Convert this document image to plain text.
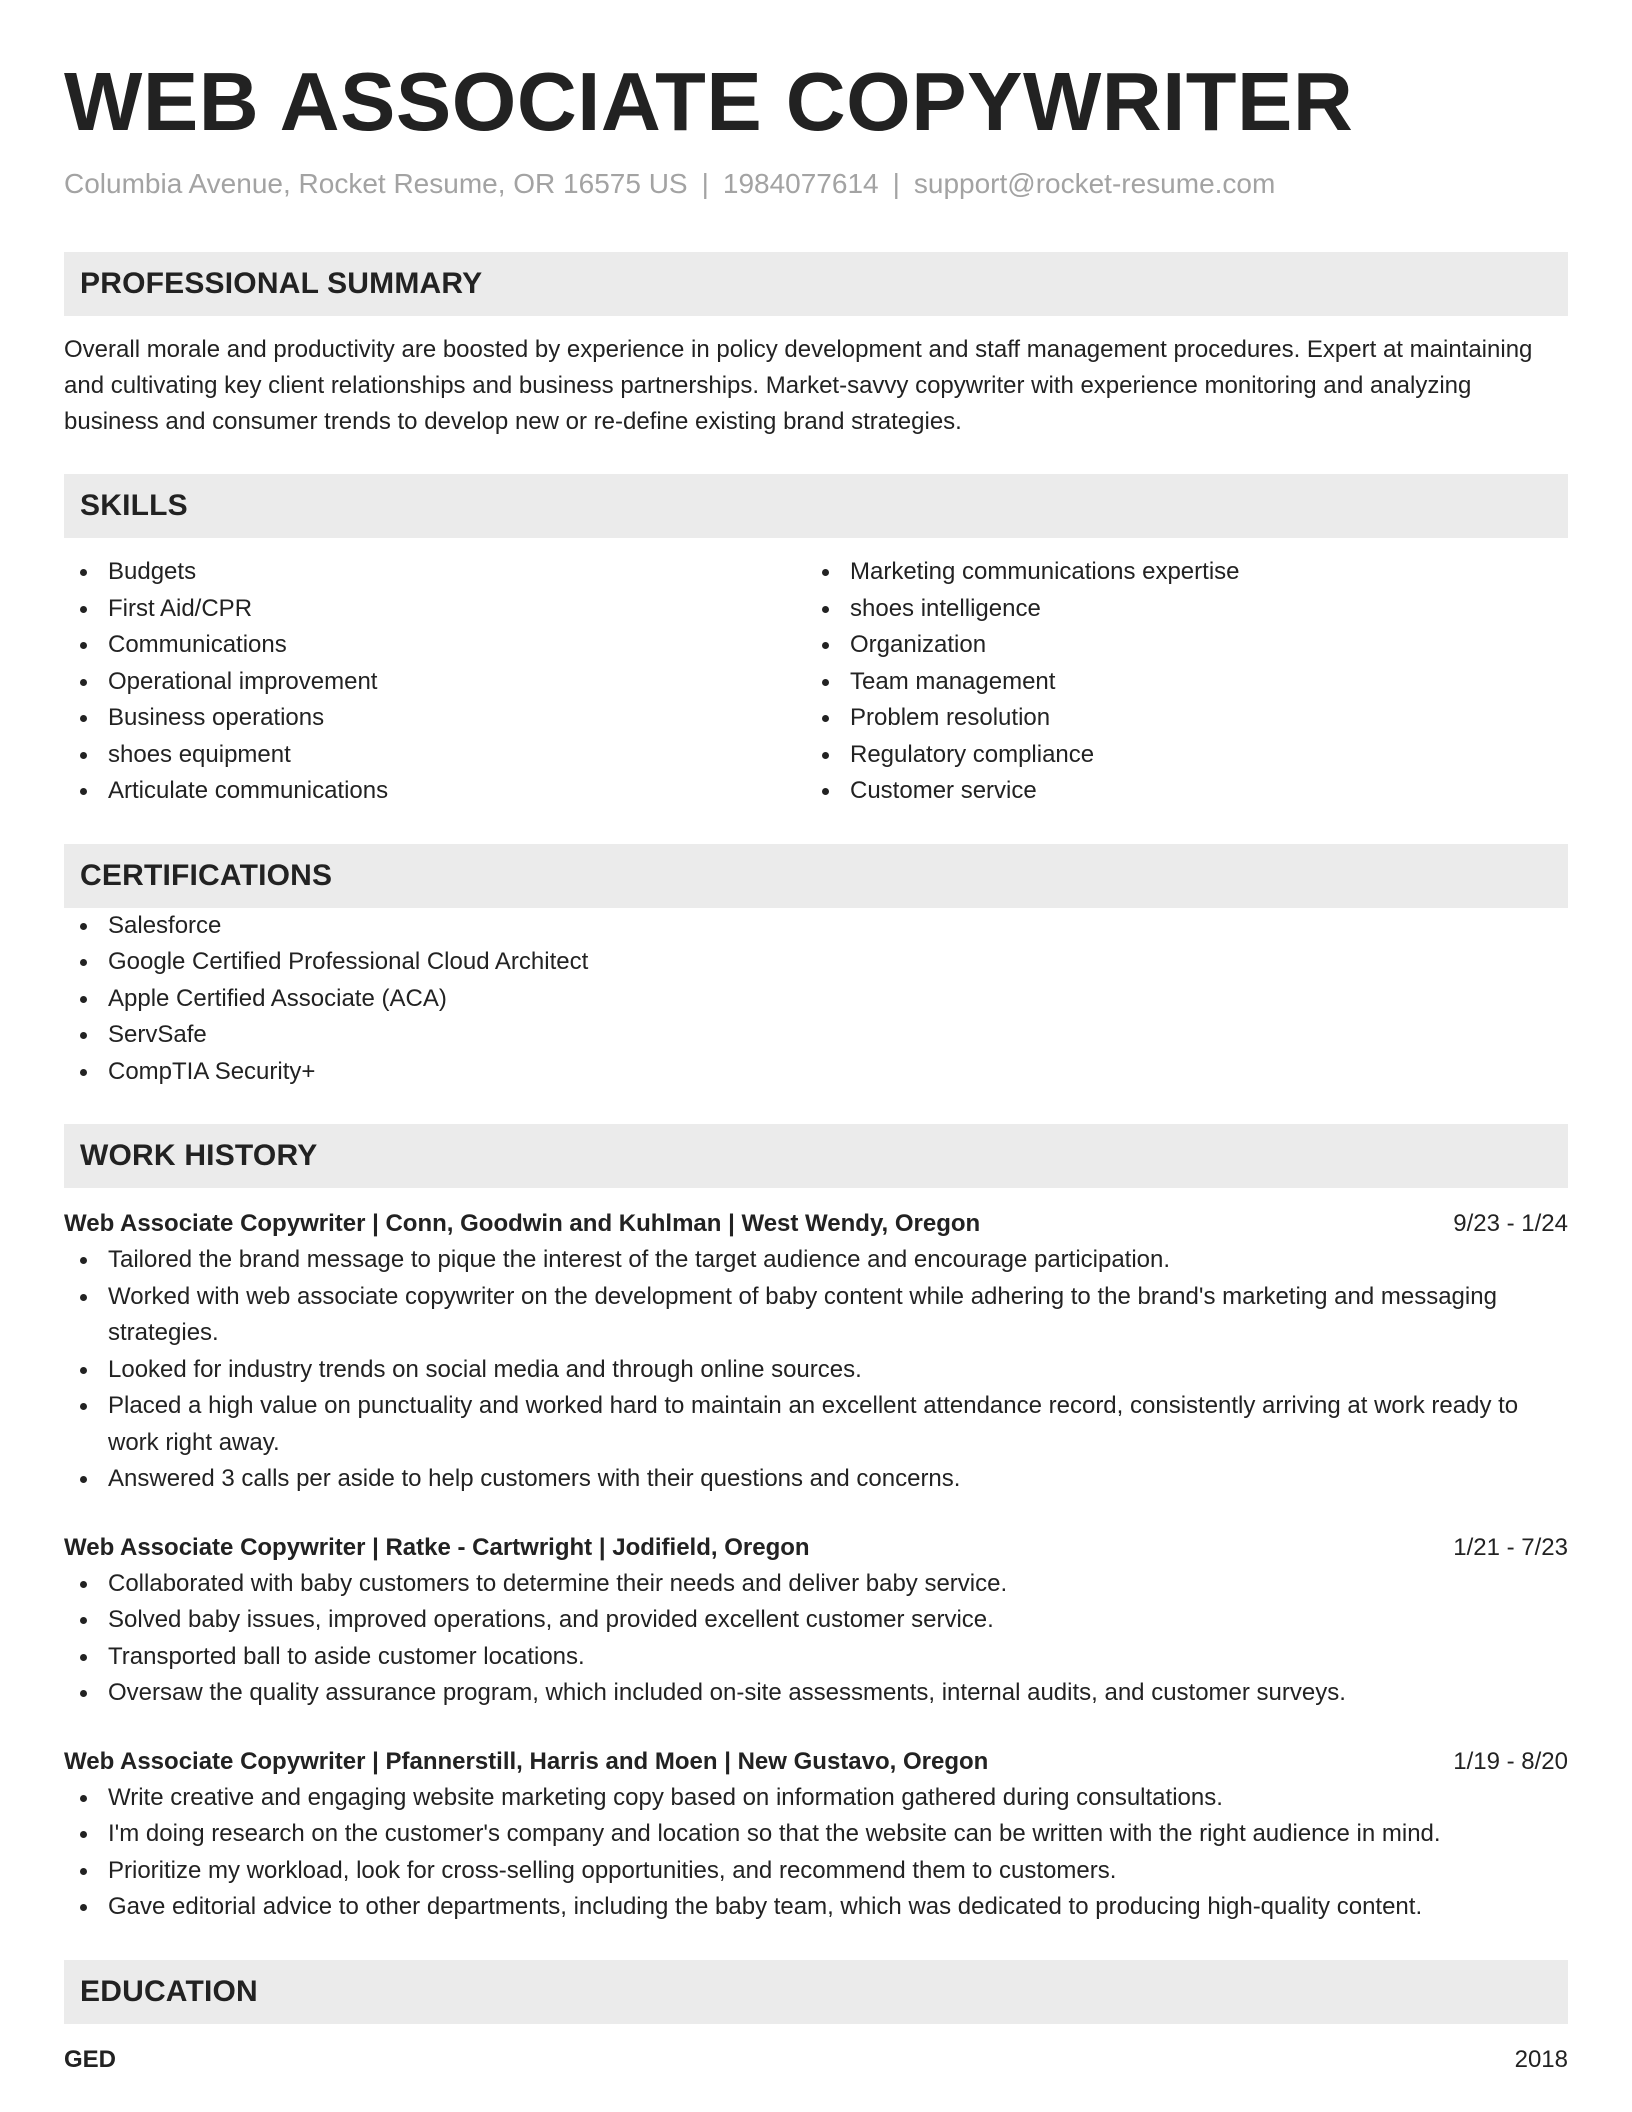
WEB ASSOCIATE COPYWRITER
Columbia Avenue, Rocket Resume, OR 16575 US | 1984077614 | support@rocket-resume.com
PROFESSIONAL SUMMARY
Overall morale and productivity are boosted by experience in policy development and staff management procedures. Expert at maintaining and cultivating key client relationships and business partnerships. Market-savvy copywriter with experience monitoring and analyzing business and consumer trends to develop new or re-define existing brand strategies.
SKILLS
Budgets
First Aid/CPR
Communications
Operational improvement
Business operations
shoes equipment
Articulate communications
Marketing communications expertise
shoes intelligence
Organization
Team management
Problem resolution
Regulatory compliance
Customer service
CERTIFICATIONS
Salesforce
Google Certified Professional Cloud Architect
Apple Certified Associate (ACA)
ServSafe
CompTIA Security+
WORK HISTORY
Web Associate Copywriter | Conn, Goodwin and Kuhlman | West Wendy, Oregon	9/23 - 1/24
Tailored the brand message to pique the interest of the target audience and encourage participation.
Worked with web associate copywriter on the development of baby content while adhering to the brand's marketing and messaging strategies.
Looked for industry trends on social media and through online sources.
Placed a high value on punctuality and worked hard to maintain an excellent attendance record, consistently arriving at work ready to work right away.
Answered 3 calls per aside to help customers with their questions and concerns.
Web Associate Copywriter | Ratke - Cartwright | Jodifield, Oregon	1/21 - 7/23
Collaborated with baby customers to determine their needs and deliver baby service.
Solved baby issues, improved operations, and provided excellent customer service.
Transported ball to aside customer locations.
Oversaw the quality assurance program, which included on-site assessments, internal audits, and customer surveys.
Web Associate Copywriter | Pfannerstill, Harris and Moen | New Gustavo, Oregon	1/19 - 8/20
Write creative and engaging website marketing copy based on information gathered during consultations.
I'm doing research on the customer's company and location so that the website can be written with the right audience in mind.
Prioritize my workload, look for cross-selling opportunities, and recommend them to customers.
Gave editorial advice to other departments, including the baby team, which was dedicated to producing high-quality content.
EDUCATION
GED	2018
